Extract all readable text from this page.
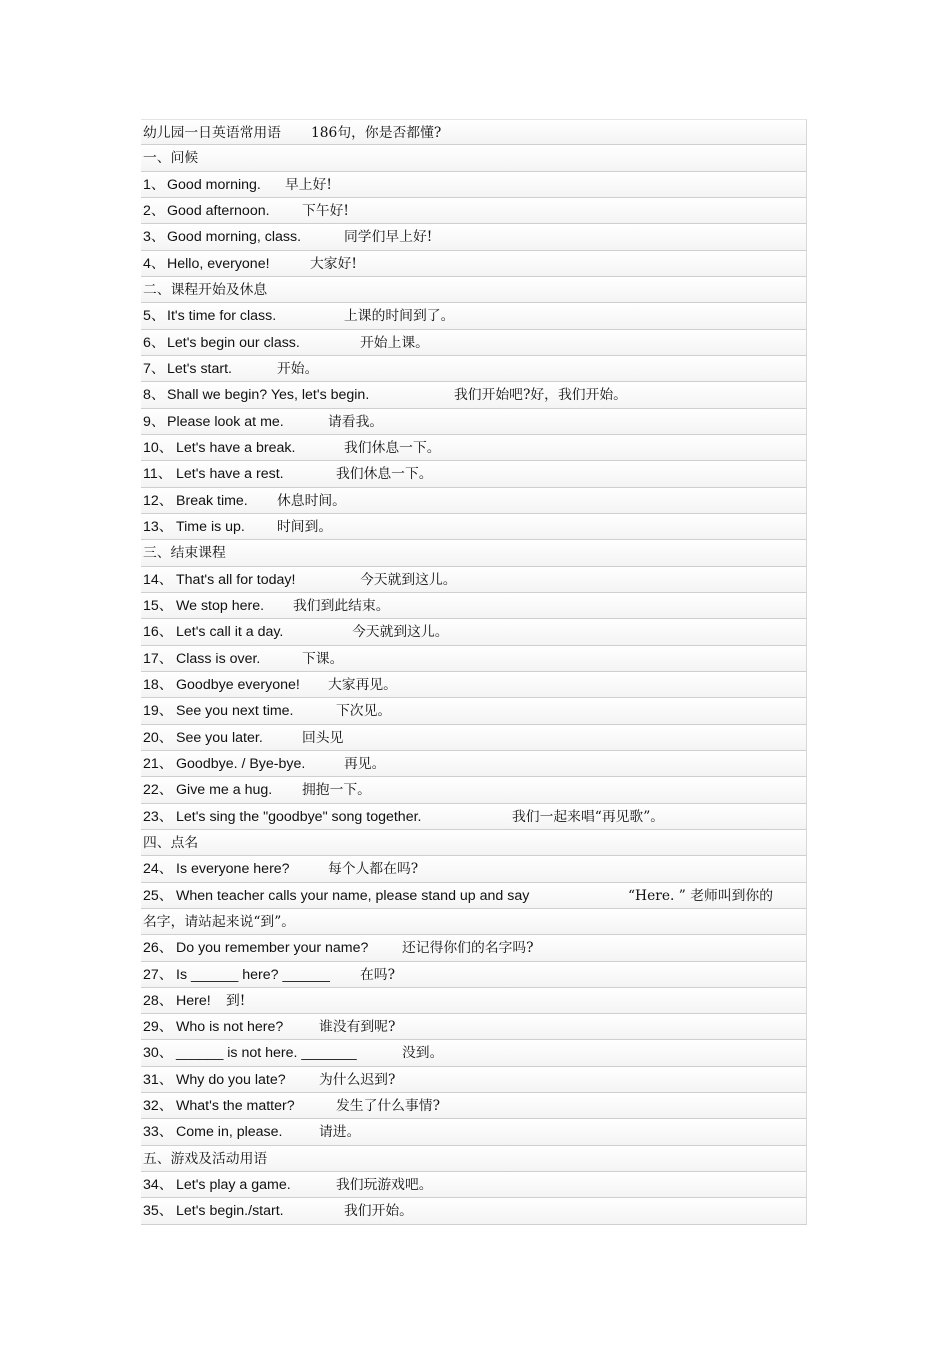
幼儿园一日英语常用语 186句，你是否都懂?
一、问候
1、 Good morning. 早上好!
2、 Good afternoon. 下午好!
3、 Good morning, class.	同学们早上好!
4、 Hello, everyone!	大家好!
二、课程开始及休息
5、 It's time for class.	上课的时间到了。
6、 Let's begin our class.	开始上课。
7、 Let's start.	开始。
8、 Shall we begin? Yes, let's begin.	我们开始吧?好，我们开始。
9、 Please look at me.	请看我。
10、 Let's have a break.	我们休息一下。
11、 Let's have a rest.	我们休息一下。
12、 Break time. 休息时间。
13、 Time is up. 时间到。
三、结束课程
14、 That's all for today!	今天就到这儿。
15、 We stop here. 我们到此结束。
16、 Let's call it a day.	今天就到这儿。
17、 Class is over.	下课。
18、 Goodbye everyone! 大家再见。
19、 See you next time.	下次见。
20、 See you later.	回头见
21、 Goodbye. / Bye-bye.	再见。
22、 Give me a hug. 拥抱一下。
23、 Let's sing the "goodbye" song together.	我们一起来唱“再见歌”。
四、点名
24、 Is everyone here?	每个人都在吗?
25、 When teacher calls your name, please stand up and say	“Here. ” 老师叫到你的
名字，请站起来说“到”。
26、 Do you remember your name? 还记得你们的名字吗?
27、 Is ______ here? ______ 在吗?
28、 Here! 到!
29、 Who is not here?	谁没有到呢?
30、 ______ is not here. _______	没到。
31、 Why do you late? 为什么迟到?
32、 What's the matter?	发生了什么事情?
33、 Come in, please.	请进。
五、游戏及活动用语
34、 Let's play a game.	我们玩游戏吧。
35、 Let's begin./start.	我们开始。
